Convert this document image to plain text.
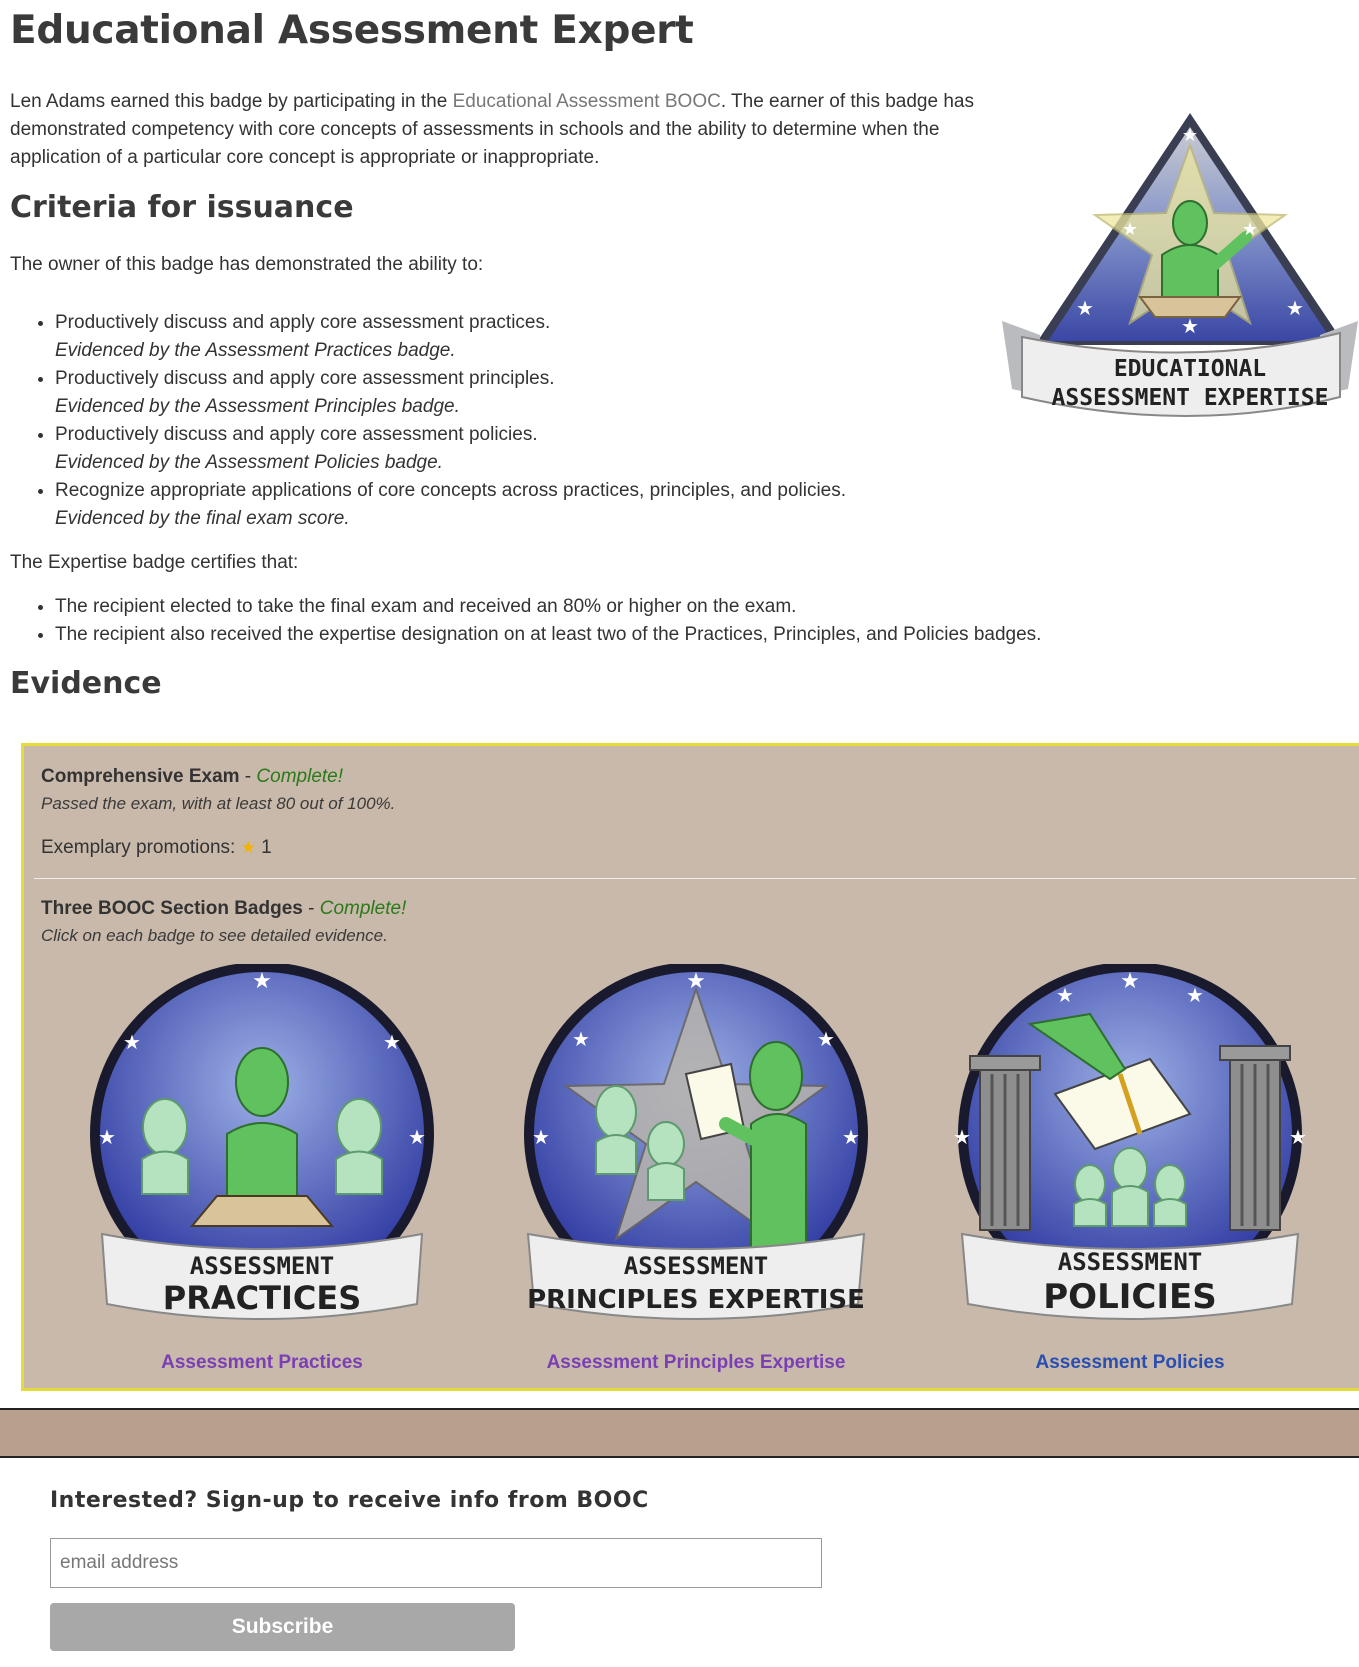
Educational Assessment Expert

Len Adams earned this badge by participating in the Educational Assessment BOOC. The earner of this badge has demonstrated competency with core concepts of assessments in schools and the ability to determine when the application of a particular core concept is appropriate or inappropriate.

Criteria for issuance

The owner of this badge has demonstrated the ability to:

• Productively discuss and apply core assessment practices.
Evidenced by the Assessment Practices badge.
• Productively discuss and apply core assessment principles.
Evidenced by the Assessment Principles badge.
• Productively discuss and apply core assessment policies.
Evidenced by the Assessment Policies badge.
• Recognize appropriate applications of core concepts across practices, principles, and policies.
Evidenced by the final exam score.

The Expertise badge certifies that:

• The recipient elected to take the final exam and received an 80% or higher on the exam.
• The recipient also received the expertise designation on at least two of the Practices, Principles, and Policies badges.
Evidence
★
★	★
★
★
★
EDUCATIONAL
ASSESSMENT EXPERTISE
Comprehensive Exam - Complete!
Passed the exam, with at least 80 out of 100%.
Exemplary promotions: ★ 1
Three BOOC Section Badges - Complete!
Click on each badge to see detailed evidence.
★
★	★
★	★
ASSESSMENT
PRACTICES
Assessment Practices
★
★	★
★	★
ASSESSMENT
PRINCIPLES EXPERTISE
Assessment Principles Expertise
★
★	★
★	★
ASSESSMENT
POLICIES
Assessment Policies
Interested? Sign-up to receive info from BOOC
email address
Subscribe
